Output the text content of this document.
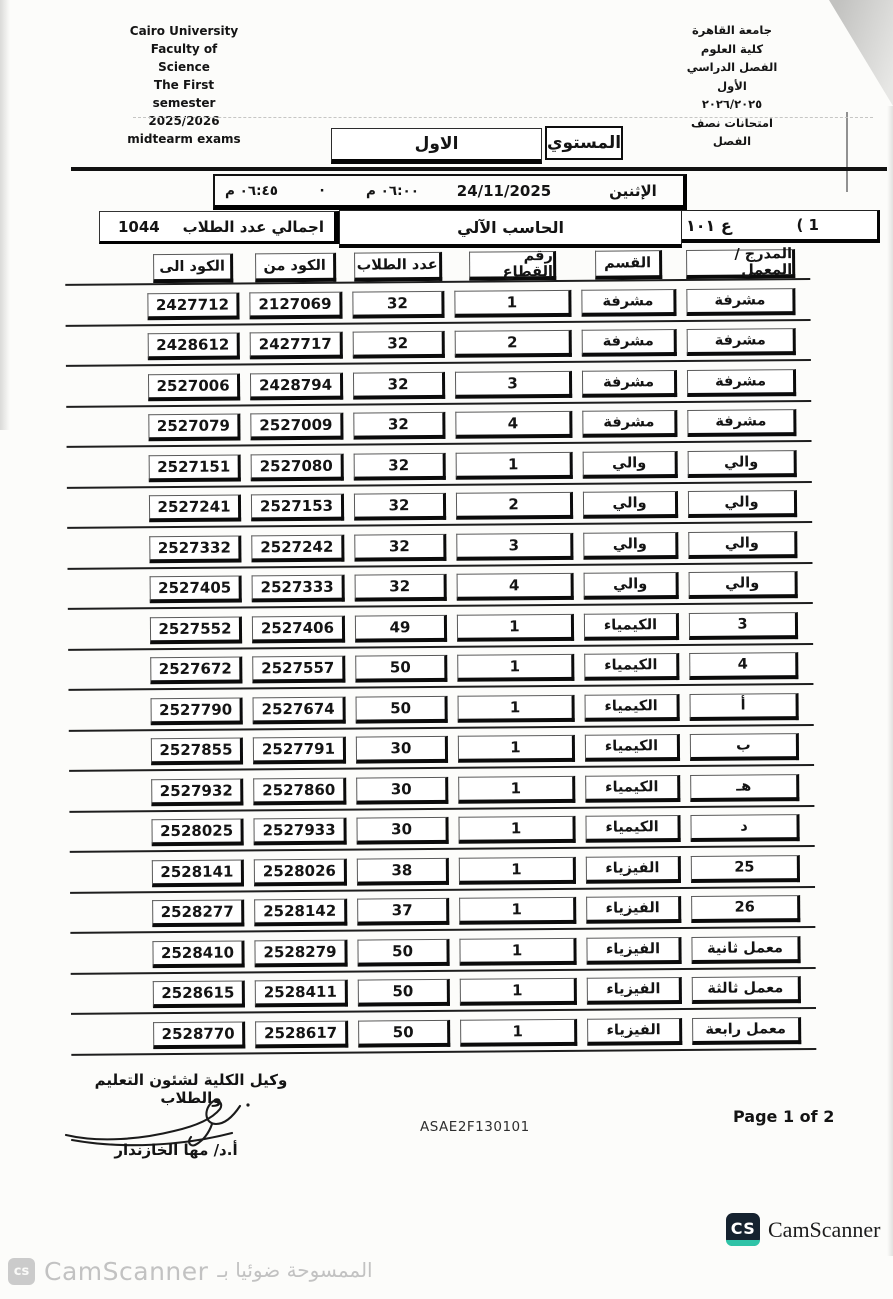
Cairo University
Faculty of Science
The First semester
2025/2026
midtearm exams
جامعة القاهرة
كلية العلوم
الفصل الدراسي الأول
٢٠٢٦/٢٠٢٥
امتحانات نصف الفصل
المستوي
الاول
الإثنين
24/11/2025
٠٦:٠٠ م
·
٠٦:٤٥ م
ع ١٠١	( 1
الحاسب الآلي
اجمالي عدد الطلاب
1044
المدرج / المعمل
القسم
رقم القطاع
عدد الطلاب
الكود من
الكود الى
مشرفة
مشرفة
1
32
2127069
2427712
مشرفة
مشرفة
2
32
2427717
2428612
مشرفة
مشرفة
3
32
2428794
2527006
مشرفة
مشرفة
4
32
2527009
2527079
والي
والي
1
32
2527080
2527151
والي
والي
2
32
2527153
2527241
والي
والي
3
32
2527242
2527332
والي
والي
4
32
2527333
2527405
3
الكيمياء
1
49
2527406
2527552
4
الكيمياء
1
50
2527557
2527672
أ
الكيمياء
1
50
2527674
2527790
ب
الكيمياء
1
30
2527791
2527855
هـ
الكيمياء
1
30
2527860
2527932
د
الكيمياء
1
30
2527933
2528025
25
الفيزياء
1
38
2528026
2528141
26
الفيزياء
1
37
2528142
2528277
معمل ثانية
الفيزياء
1
50
2528279
2528410
معمل ثالثة
الفيزياء
1
50
2528411
2528615
معمل رابعة
الفيزياء
1
50
2528617
2528770
وكيل الكلية لشئون التعليم والطلاب
أ.د/ مها الخازندار
ASAE2F130101
Page 1 of 2
CS CamScanner
cs CamScanner الممسوحة ضوئيا بـ
